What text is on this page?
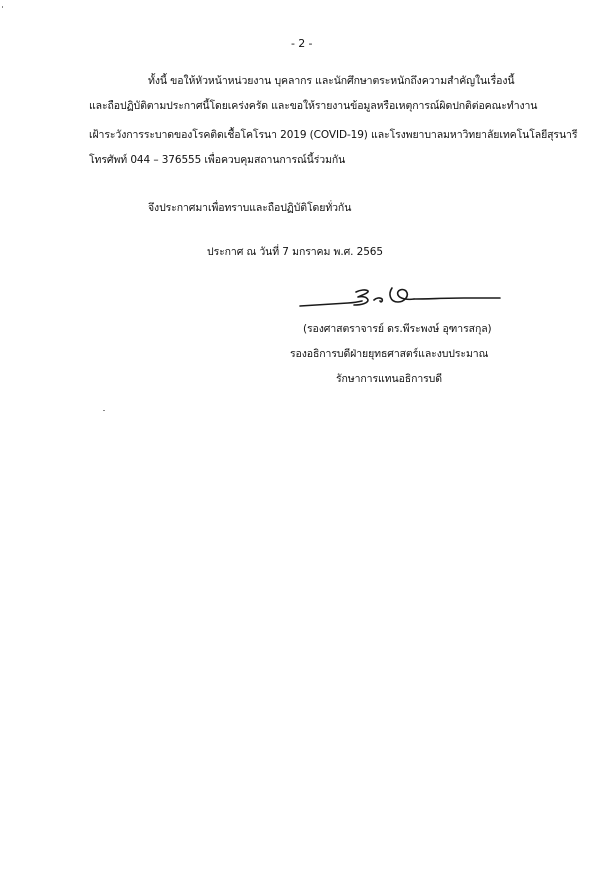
- 2 -
ทั้งนี้ ขอให้หัวหน้าหน่วยงาน บุคลากร และนักศึกษาตระหนักถึงความสำคัญในเรื่องนี้
และถือปฏิบัติตามประกาศนี้โดยเคร่งครัด และขอให้รายงานข้อมูลหรือเหตุการณ์ผิดปกติต่อคณะทำงาน
เฝ้าระวังการระบาดของโรคติดเชื้อโคโรนา 2019 (COVID-19) และโรงพยาบาลมหาวิทยาลัยเทคโนโลยีสุรนารี
โทรศัพท์ 044 – 376555 เพื่อควบคุมสถานการณ์นี้ร่วมกัน
จึงประกาศมาเพื่อทราบและถือปฏิบัติโดยทั่วกัน
ประกาศ ณ วันที่ 7 มกราคม พ.ศ. 2565
(รองศาสตราจารย์ ดร.พีระพงษ์ อุฑารสกุล)
รองอธิการบดีฝ่ายยุทธศาสตร์และงบประมาณ
รักษาการแทนอธิการบดี
